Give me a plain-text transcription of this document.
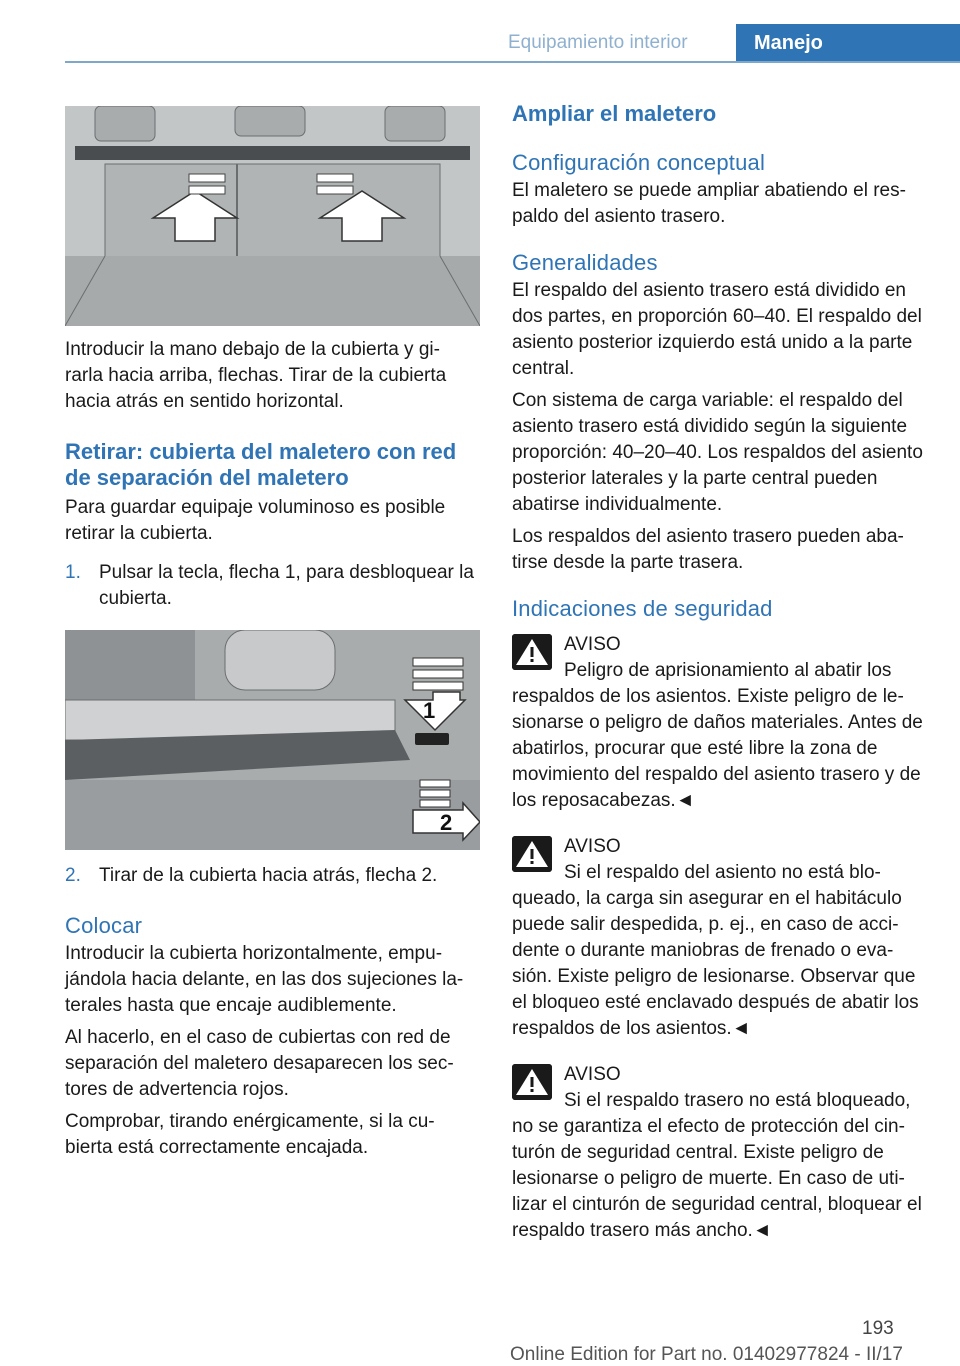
Equipamiento interior	Manejo

Introducir la mano debajo de la cubierta y gi‐ rarla hacia arriba, flechas. Tirar de la cubierta hacia atrás en sentido horizontal.

Retirar: cubierta del maletero con red de separación del maletero

Para guardar equipaje voluminoso es posible retirar la cubierta.

1. Pulsar la tecla, flecha 1, para desbloquear la cubierta.
1
2
2. Tirar de la cubierta hacia atrás, flecha 2.

Colocar

Introducir la cubierta horizontalmente, empu‐ jándola hacia delante, en las dos sujeciones la‐ terales hasta que encaje audiblemente.

Al hacerlo, en el caso de cubiertas con red de separación del maletero desaparecen los sec‐ tores de advertencia rojos.

Comprobar, tirando enérgicamente, si la cu‐ bierta está correctamente encajada.

Ampliar el maletero

Configuración conceptual

El maletero se puede ampliar abatiendo el res‐ paldo del asiento trasero.

Generalidades

El respaldo del asiento trasero está dividido en dos partes, en proporción 60–40. El respaldo del asiento posterior izquierdo está unido a la parte central.

Con sistema de carga variable: el respaldo del asiento trasero está dividido según la siguiente proporción: 40–20–40. Los respaldos del asiento posterior laterales y la parte central pueden abatirse individualmente.

Los respaldos del asiento trasero pueden aba‐ tirse desde la parte trasera.

Indicaciones de seguridad

AVISO
Peligro de aprisionamiento al abatir los

respaldos de los asientos. Existe peligro de le‐ sionarse o peligro de daños materiales. Antes de abatirlos, procurar que esté libre la zona de movimiento del respaldo del asiento trasero y de los reposacabezas.◄

AVISO
Si el respaldo del asiento no está blo‐

queado, la carga sin asegurar en el habitáculo puede salir despedida, p. ej., en caso de acci‐ dente o durante maniobras de frenado o eva‐ sión. Existe peligro de lesionarse. Observar que el bloqueo esté enclavado después de abatir los respaldos de los asientos.◄

AVISO
Si el respaldo trasero no está bloqueado,

no se garantiza el efecto de protección del cin‐ turón de seguridad central. Existe peligro de lesionarse o peligro de muerte. En caso de uti‐ lizar el cinturón de seguridad central, bloquear el respaldo trasero más ancho.◄

193
Online Edition for Part no. 01402977824 - II/17
